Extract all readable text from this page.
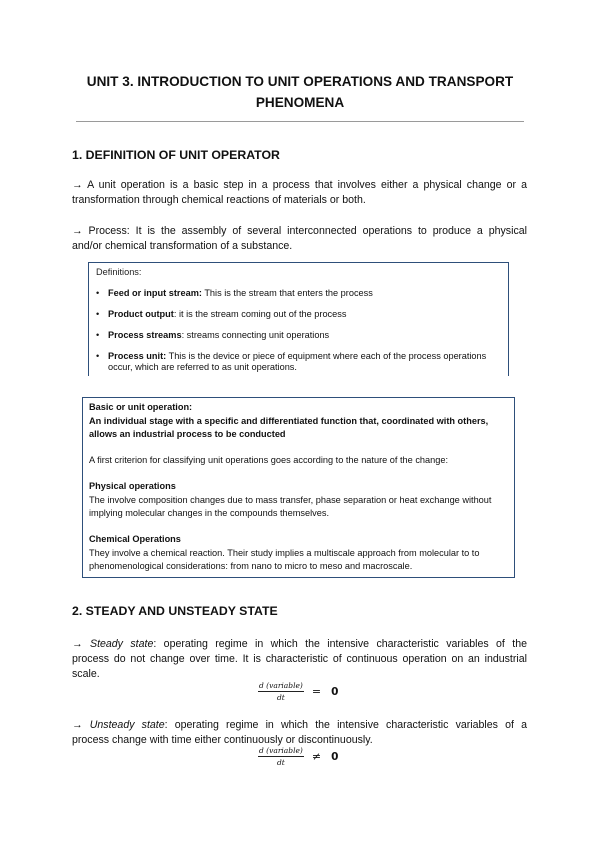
UNIT 3. INTRODUCTION TO UNIT OPERATIONS AND TRANSPORT
PHENOMENA
1. DEFINITION OF UNIT OPERATOR
→ A unit operation is a basic step in a process that involves either a physical change or a
transformation through chemical reactions of materials or both.
→ Process: It is the assembly of several interconnected operations to produce a physical
and/or chemical transformation of a substance.
Definitions:
• Feed or input stream: This is the stream that enters the process
• Product output: it is the stream coming out of the process
• Process streams: streams connecting unit operations
• Process unit: This is the device or piece of equipment where each of the process operations occur, which are referred to as unit operations.
Basic or unit operation:
An individual stage with a specific and differentiated function that, coordinated with others,
allows an industrial process to be conducted
A first criterion for classifying unit operations goes according to the nature of the change:
Physical operations
The involve composition changes due to mass transfer, phase separation or heat exchange without
implying molecular changes in the compounds themselves.
Chemical Operations
They involve a chemical reaction. Their study implies a multiscale approach from molecular to to
phenomenological considerations: from nano to micro to meso and macroscale.
2. STEADY AND UNSTEADY STATE
→ Steady state: operating regime in which the intensive characteristic variables of the
process do not change over time. It is characteristic of continuous operation on an industrial
scale.
$\frac{\text{d (variable)}}{dt} = 0$
→ Unsteady state: operating regime in which the intensive characteristic variables of a
process change with time either continuously or discontinuously.
$\frac{\text{d (variable)}}{dt} \ne 0$
